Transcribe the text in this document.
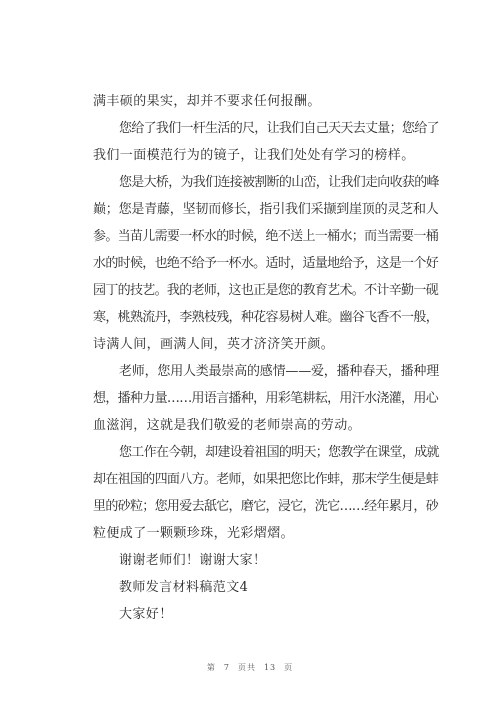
满丰硕的果实，却并不要求任何报酬。
您给了我们一杆生活的尺，让我们自己天天去丈量；您给了
我们一面模范行为的镜子，让我们处处有学习的榜样。
您是大桥，为我们连接被割断的山峦，让我们走向收获的峰
巅；您是青藤，坚韧而修长，指引我们采撷到崖顶的灵芝和人
参。当苗儿需要一杯水的时候，绝不送上一桶水；而当需要一桶
水的时候，也绝不给予一杯水。适时，适量地给予，这是一个好
园丁的技艺。我的老师，这也正是您的教育艺术。不计辛勤一砚
寒，桃熟流丹，李熟枝残，种花容易树人难。幽谷飞香不一般，
诗满人间，画满人间，英才济济笑开颜。
老师，您用人类最崇高的感情——爱，播种春天，播种理
想，播种力量……用语言播种，用彩笔耕耘，用汗水浇灌，用心
血滋润，这就是我们敬爱的老师崇高的劳动。
您工作在今朝，却建设着祖国的明天；您教学在课堂，成就
却在祖国的四面八方。老师，如果把您比作蚌，那末学生便是蚌
里的砂粒；您用爱去舐它，磨它，浸它，洗它……经年累月，砂
粒便成了一颗颗珍珠，光彩熠熠。
谢谢老师们！谢谢大家！
教师发言材料稿范文4
大家好！
第 7 页共 13 页
